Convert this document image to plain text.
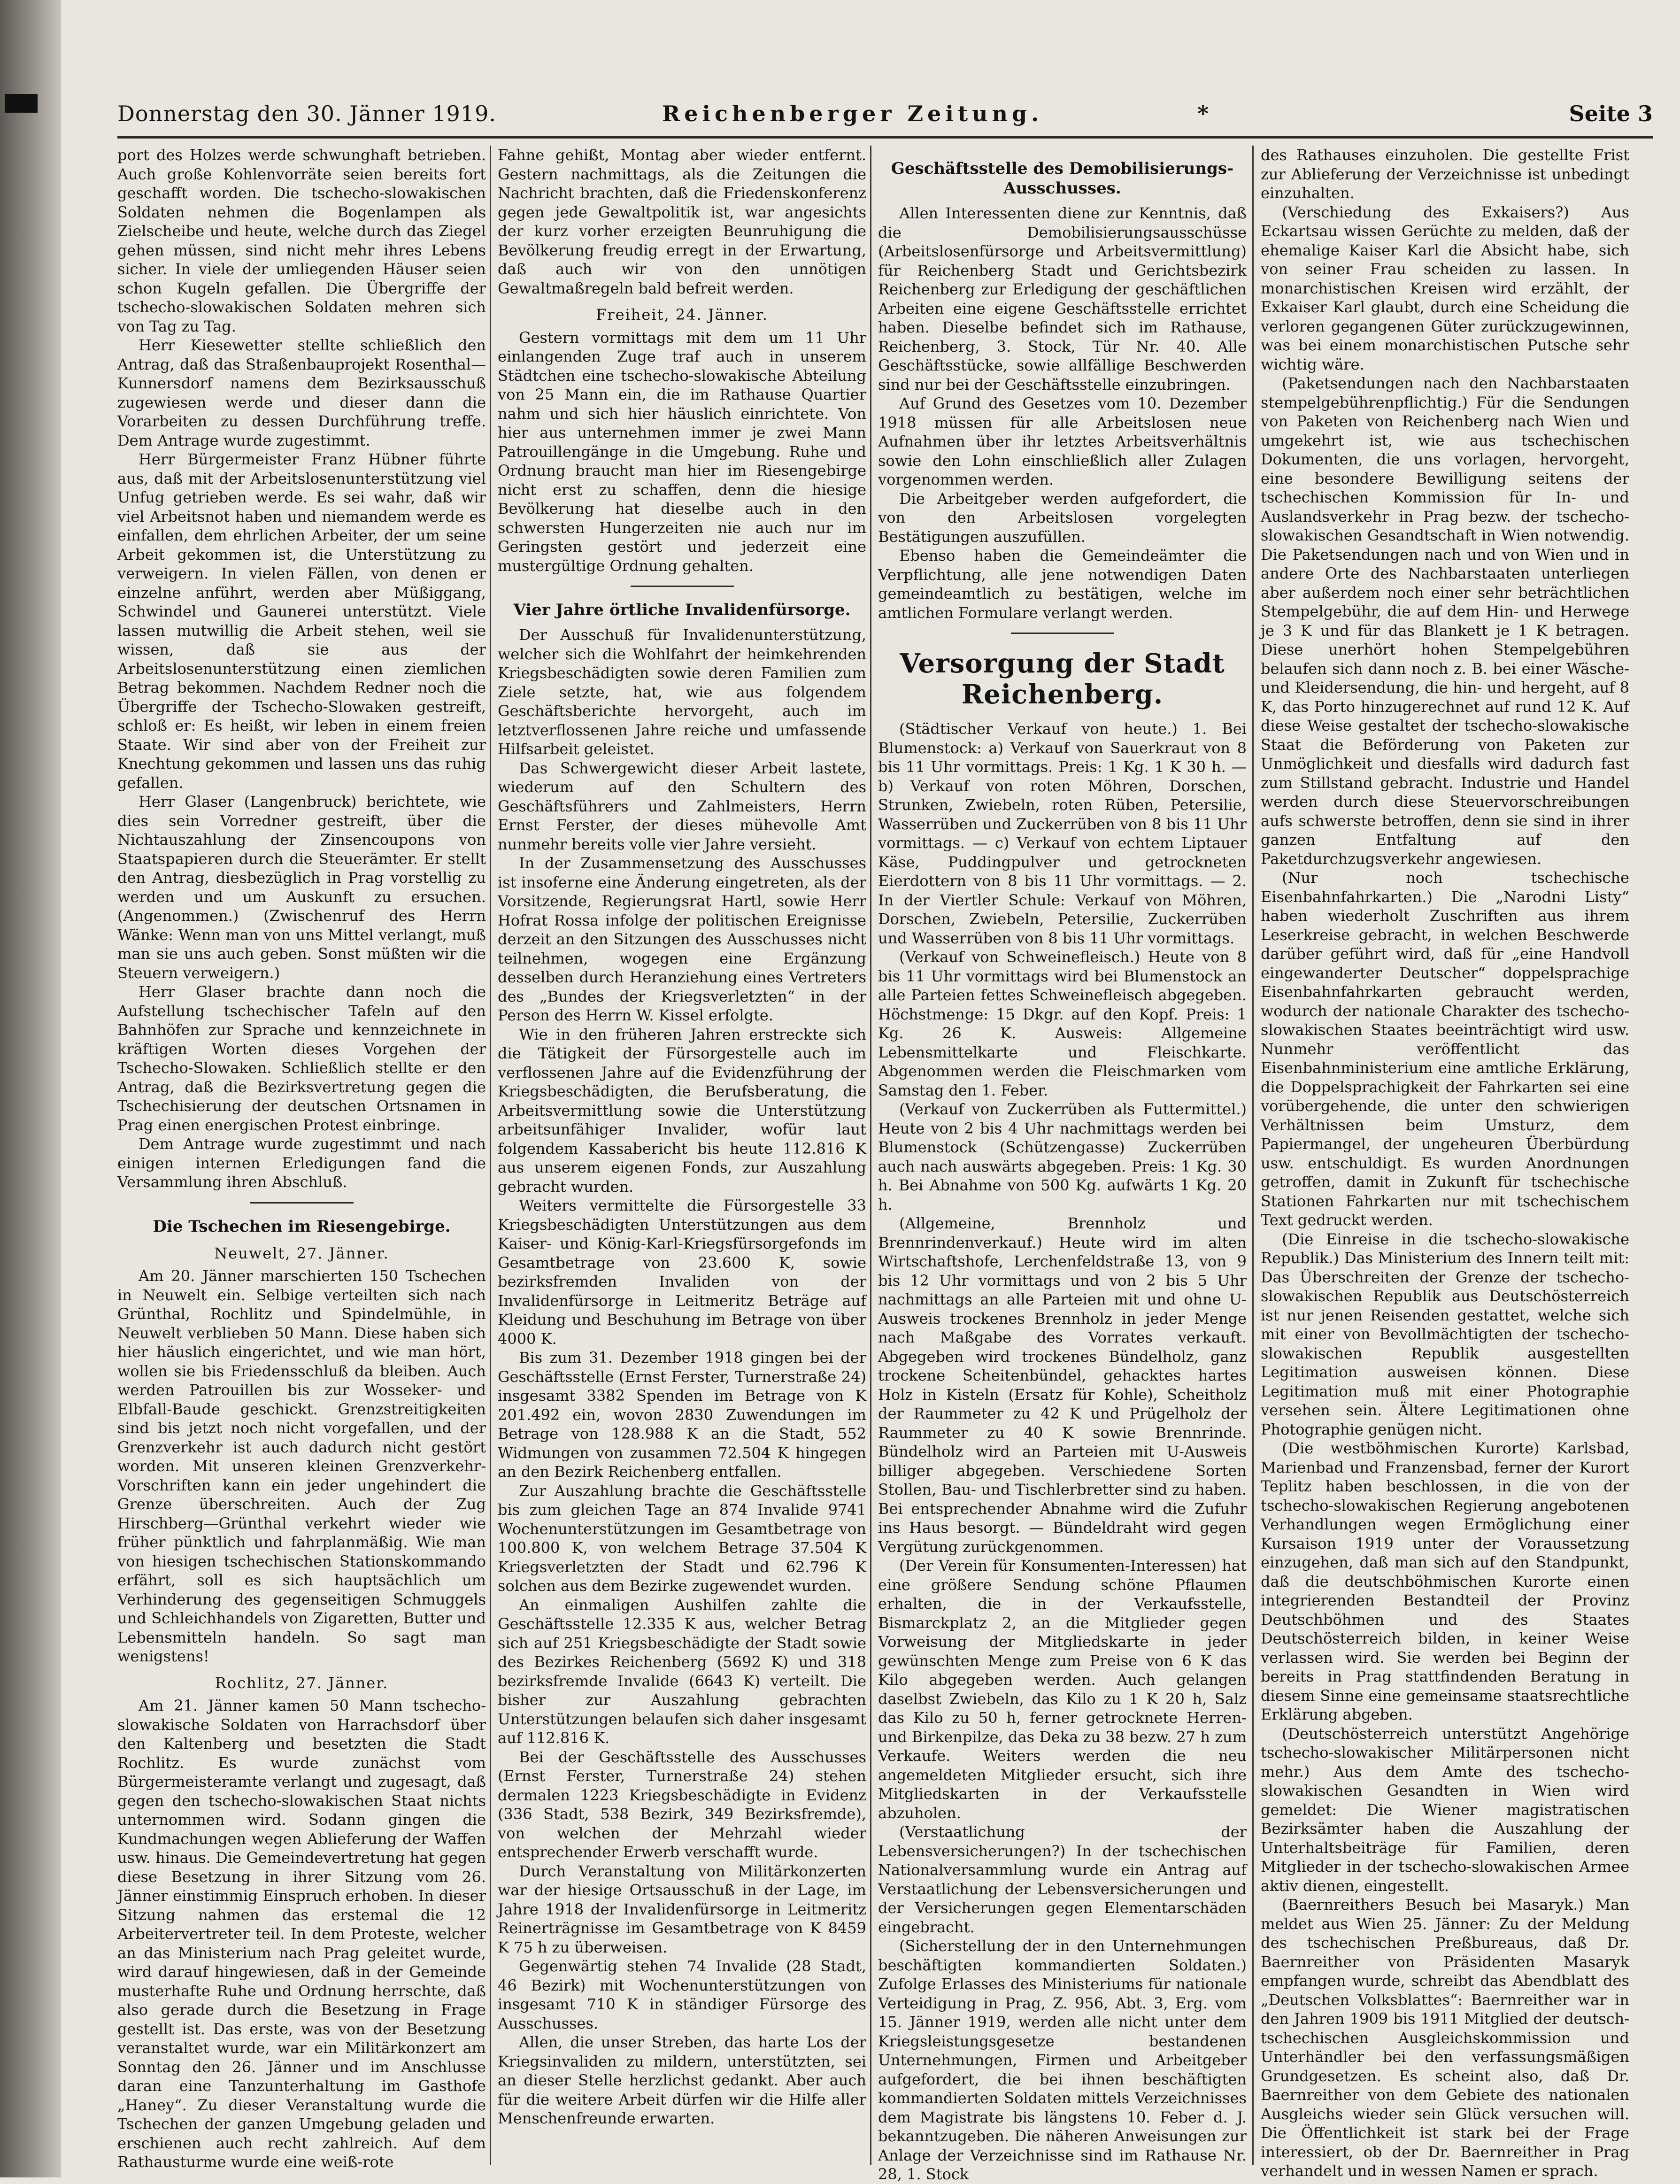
Donnerstag den 30. Jänner 1919.	Reichenberger Zeitung.	*	Seite 3

port des Holzes werde schwunghaft betrieben. Auch große Kohlenvorräte seien bereits fort geschafft worden. Die tschecho-slowakischen Soldaten nehmen die Bogenlampen als Zielscheibe und heute, welche durch das Ziegel gehen müssen, sind nicht mehr ihres Lebens sicher. In viele der umliegenden Häuser seien schon Kugeln gefallen. Die Übergriffe der tschecho-slowakischen Soldaten mehren sich von Tag zu Tag.

Herr Kiesewetter stellte schließlich den Antrag, daß das Straßenbauprojekt Rosenthal—Kunnersdorf namens dem Bezirksausschuß zugewiesen werde und dieser dann die Vorarbeiten zu dessen Durchführung treffe. Dem Antrage wurde zugestimmt.

Herr Bürgermeister Franz Hübner führte aus, daß mit der Arbeitslosenunterstützung viel Unfug getrieben werde. Es sei wahr, daß wir viel Arbeitsnot haben und niemandem werde es einfallen, dem ehrlichen Arbeiter, der um seine Arbeit gekommen ist, die Unterstützung zu verweigern. In vielen Fällen, von denen er einzelne anführt, werden aber Müßiggang, Schwindel und Gaunerei unterstützt. Viele lassen mutwillig die Arbeit stehen, weil sie wissen, daß sie aus der Arbeitslosenunterstützung einen ziemlichen Betrag bekommen. Nachdem Redner noch die Übergriffe der Tschecho-Slowaken gestreift, schloß er: Es heißt, wir leben in einem freien Staate. Wir sind aber von der Freiheit zur Knechtung gekommen und lassen uns das ruhig gefallen.

Herr Glaser (Langenbruck) berichtete, wie dies sein Vorredner gestreift, über die Nichtauszahlung der Zinsencoupons von Staatspapieren durch die Steuerämter. Er stellt den Antrag, diesbezüglich in Prag vorstellig zu werden und um Auskunft zu ersuchen. (Angenommen.) (Zwischenruf des Herrn Wänke: Wenn man von uns Mittel verlangt, muß man sie uns auch geben. Sonst müßten wir die Steuern verweigern.)

Herr Glaser brachte dann noch die Aufstellung tschechischer Tafeln auf den Bahnhöfen zur Sprache und kennzeichnete in kräftigen Worten dieses Vorgehen der Tschecho-Slowaken. Schließlich stellte er den Antrag, daß die Bezirksvertretung gegen die Tschechisierung der deutschen Ortsnamen in Prag einen energischen Protest einbringe.

Dem Antrage wurde zugestimmt und nach einigen internen Erledigungen fand die Versammlung ihren Abschluß.

Die Tschechen im Riesengebirge.

Neuwelt, 27. Jänner.

Am 20. Jänner marschierten 150 Tschechen in Neuwelt ein. Selbige verteilten sich nach Grünthal, Rochlitz und Spindelmühle, in Neuwelt verblieben 50 Mann. Diese haben sich hier häuslich eingerichtet, und wie man hört, wollen sie bis Friedensschluß da bleiben. Auch werden Patrouillen bis zur Wosseker- und Elbfall-Baude geschickt. Grenzstreitigkeiten sind bis jetzt noch nicht vorgefallen, und der Grenzverkehr ist auch dadurch nicht gestört worden. Mit unseren kleinen Grenzverkehr-Vorschriften kann ein jeder ungehindert die Grenze überschreiten. Auch der Zug Hirschberg—Grünthal verkehrt wieder wie früher pünktlich und fahrplanmäßig. Wie man von hiesigen tschechischen Stationskommando erfährt, soll es sich hauptsächlich um Verhinderung des gegenseitigen Schmuggels und Schleichhandels von Zigaretten, Butter und Lebensmitteln handeln. So sagt man wenigstens!

Rochlitz, 27. Jänner.

Am 21. Jänner kamen 50 Mann tschecho-slowakische Soldaten von Harrachsdorf über den Kaltenberg und besetzten die Stadt Rochlitz. Es wurde zunächst vom Bürgermeisteramte verlangt und zugesagt, daß gegen den tschecho-slowakischen Staat nichts unternommen wird. Sodann gingen die Kundmachungen wegen Ablieferung der Waffen usw. hinaus. Die Gemeindevertretung hat gegen diese Besetzung in ihrer Sitzung vom 26. Jänner einstimmig Einspruch erhoben. In dieser Sitzung nahmen das erstemal die 12 Arbeitervertreter teil. In dem Proteste, welcher an das Ministerium nach Prag geleitet wurde, wird darauf hingewiesen, daß in der Gemeinde musterhafte Ruhe und Ordnung herrschte, daß also gerade durch die Besetzung in Frage gestellt ist. Das erste, was von der Besetzung veranstaltet wurde, war ein Militärkonzert am Sonntag den 26. Jänner und im Anschlusse daran eine Tanzunterhaltung im Gasthofe „Haney“. Zu dieser Veranstaltung wurde die Tschechen der ganzen Umgebung geladen und erschienen auch recht zahlreich. Auf dem Rathausturme wurde eine weiß-rote

Fahne gehißt, Montag aber wieder entfernt. Gestern nachmittags, als die Zeitungen die Nachricht brachten, daß die Friedenskonferenz gegen jede Gewaltpolitik ist, war angesichts der kurz vorher erzeigten Beunruhigung die Bevölkerung freudig erregt in der Erwartung, daß auch wir von den unnötigen Gewaltmaßregeln bald befreit werden.

Freiheit, 24. Jänner.

Gestern vormittags mit dem um 11 Uhr einlangenden Zuge traf auch in unserem Städtchen eine tschecho-slowakische Abteilung von 25 Mann ein, die im Rathause Quartier nahm und sich hier häuslich einrichtete. Von hier aus unternehmen immer je zwei Mann Patrouillengänge in die Umgebung. Ruhe und Ordnung braucht man hier im Riesengebirge nicht erst zu schaffen, denn die hiesige Bevölkerung hat dieselbe auch in den schwersten Hungerzeiten nie auch nur im Geringsten gestört und jederzeit eine mustergültige Ordnung gehalten.

Vier Jahre örtliche Invalidenfürsorge.

Der Ausschuß für Invalidenunterstützung, welcher sich die Wohlfahrt der heimkehrenden Kriegsbeschädigten sowie deren Familien zum Ziele setzte, hat, wie aus folgendem Geschäftsberichte hervorgeht, auch im letztverflossenen Jahre reiche und umfassende Hilfsarbeit geleistet.

Das Schwergewicht dieser Arbeit lastete, wiederum auf den Schultern des Geschäftsführers und Zahlmeisters, Herrn Ernst Ferster, der dieses mühevolle Amt nunmehr bereits volle vier Jahre versieht.

In der Zusammensetzung des Ausschusses ist insoferne eine Änderung eingetreten, als der Vorsitzende, Regierungsrat Hartl, sowie Herr Hofrat Rossa infolge der politischen Ereignisse derzeit an den Sitzungen des Ausschusses nicht teilnehmen, wogegen eine Ergänzung desselben durch Heranziehung eines Vertreters des „Bundes der Kriegsverletzten“ in der Person des Herrn W. Kissel erfolgte.

Wie in den früheren Jahren erstreckte sich die Tätigkeit der Fürsorgestelle auch im verflossenen Jahre auf die Evidenzführung der Kriegsbeschädigten, die Berufsberatung, die Arbeitsvermittlung sowie die Unterstützung arbeitsunfähiger Invalider, wofür laut folgendem Kassabericht bis heute 112.816 K aus unserem eigenen Fonds, zur Auszahlung gebracht wurden.

Weiters vermittelte die Fürsorgestelle 33 Kriegsbeschädigten Unterstützungen aus dem Kaiser- und König-Karl-Kriegsfürsorgefonds im Gesamtbetrage von 23.600 K, sowie bezirksfremden Invaliden von der Invalidenfürsorge in Leitmeritz Beträge auf Kleidung und Beschuhung im Betrage von über 4000 K.

Bis zum 31. Dezember 1918 gingen bei der Geschäftsstelle (Ernst Ferster, Turnerstraße 24) insgesamt 3382 Spenden im Betrage von K 201.492 ein, wovon 2830 Zuwendungen im Betrage von 128.988 K an die Stadt, 552 Widmungen von zusammen 72.504 K hingegen an den Bezirk Reichenberg entfallen.

Zur Auszahlung brachte die Geschäftsstelle bis zum gleichen Tage an 874 Invalide 9741 Wochenunterstützungen im Gesamtbetrage von 100.800 K, von welchem Betrage 37.504 K Kriegsverletzten der Stadt und 62.796 K solchen aus dem Bezirke zugewendet wurden.

An einmaligen Aushilfen zahlte die Geschäftsstelle 12.335 K aus, welcher Betrag sich auf 251 Kriegsbeschädigte der Stadt sowie des Bezirkes Reichenberg (5692 K) und 318 bezirksfremde Invalide (6643 K) verteilt. Die bisher zur Auszahlung gebrachten Unterstützungen belaufen sich daher insgesamt auf 112.816 K.

Bei der Geschäftsstelle des Ausschusses (Ernst Ferster, Turnerstraße 24) stehen dermalen 1223 Kriegsbeschädigte in Evidenz (336 Stadt, 538 Bezirk, 349 Bezirksfremde), von welchen der Mehrzahl wieder entsprechender Erwerb verschafft wurde.

Durch Veranstaltung von Militärkonzerten war der hiesige Ortsausschuß in der Lage, im Jahre 1918 der Invalidenfürsorge in Leitmeritz Reinerträgnisse im Gesamtbetrage von K 8459 K 75 h zu überweisen.

Gegenwärtig stehen 74 Invalide (28 Stadt, 46 Bezirk) mit Wochenunterstützungen von insgesamt 710 K in ständiger Fürsorge des Ausschusses.

Allen, die unser Streben, das harte Los der Kriegsinvaliden zu mildern, unterstützten, sei an dieser Stelle herzlichst gedankt. Aber auch für die weitere Arbeit dürfen wir die Hilfe aller Menschenfreunde erwarten.

Geschäftsstelle des Demobilisierungs-Ausschusses.

Allen Interessenten diene zur Kenntnis, daß die Demobilisierungsausschüsse (Arbeitslosenfürsorge und Arbeitsvermittlung) für Reichenberg Stadt und Gerichtsbezirk Reichenberg zur Erledigung der geschäftlichen Arbeiten eine eigene Geschäftsstelle errichtet haben. Dieselbe befindet sich im Rathause, Reichenberg, 3. Stock, Tür Nr. 40. Alle Geschäftsstücke, sowie allfällige Beschwerden sind nur bei der Geschäftsstelle einzubringen.

Auf Grund des Gesetzes vom 10. Dezember 1918 müssen für alle Arbeitslosen neue Aufnahmen über ihr letztes Arbeitsverhältnis sowie den Lohn einschließlich aller Zulagen vorgenommen werden.

Die Arbeitgeber werden aufgefordert, die von den Arbeitslosen vorgelegten Bestätigungen auszufüllen.

Ebenso haben die Gemeindeämter die Verpflichtung, alle jene notwendigen Daten gemeindeamtlich zu bestätigen, welche im amtlichen Formulare verlangt werden.

Versorgung der Stadt Reichenberg.

(Städtischer Verkauf von heute.) 1. Bei Blumenstock: a) Verkauf von Sauerkraut von 8 bis 11 Uhr vormittags. Preis: 1 Kg. 1 K 30 h. — b) Verkauf von roten Möhren, Dorschen, Strunken, Zwiebeln, roten Rüben, Petersilie, Wasserrüben und Zuckerrüben von 8 bis 11 Uhr vormittags. — c) Verkauf von echtem Liptauer Käse, Puddingpulver und getrockneten Eierdottern von 8 bis 11 Uhr vormittags. — 2. In der Viertler Schule: Verkauf von Möhren, Dorschen, Zwiebeln, Petersilie, Zuckerrüben und Wasserrüben von 8 bis 11 Uhr vormittags.

(Verkauf von Schweinefleisch.) Heute von 8 bis 11 Uhr vormittags wird bei Blumenstock an alle Parteien fettes Schweinefleisch abgegeben. Höchstmenge: 15 Dkgr. auf den Kopf. Preis: 1 Kg. 26 K. Ausweis: Allgemeine Lebensmittelkarte und Fleischkarte. Abgenommen werden die Fleischmarken vom Samstag den 1. Feber.

(Verkauf von Zuckerrüben als Futtermittel.) Heute von 2 bis 4 Uhr nachmittags werden bei Blumenstock (Schützengasse) Zuckerrüben auch nach auswärts abgegeben. Preis: 1 Kg. 30 h. Bei Abnahme von 500 Kg. aufwärts 1 Kg. 20 h.

(Allgemeine, Brennholz und Brennrindenverkauf.) Heute wird im alten Wirtschaftshofe, Lerchenfeldstraße 13, von 9 bis 12 Uhr vormittags und von 2 bis 5 Uhr nachmittags an alle Parteien mit und ohne U-Ausweis trockenes Brennholz in jeder Menge nach Maßgabe des Vorrates verkauft. Abgegeben wird trockenes Bündelholz, ganz trockene Scheitenbündel, gehacktes hartes Holz in Kisteln (Ersatz für Kohle), Scheitholz der Raummeter zu 42 K und Prügelholz der Raummeter zu 40 K sowie Brennrinde. Bündelholz wird an Parteien mit U-Ausweis billiger abgegeben. Verschiedene Sorten Stollen, Bau- und Tischlerbretter sind zu haben. Bei entsprechender Abnahme wird die Zufuhr ins Haus besorgt. — Bündeldraht wird gegen Vergütung zurückgenommen.

(Der Verein für Konsumenten-Interessen) hat eine größere Sendung schöne Pflaumen erhalten, die in der Verkaufsstelle, Bismarckplatz 2, an die Mitglieder gegen Vorweisung der Mitgliedskarte in jeder gewünschten Menge zum Preise von 6 K das Kilo abgegeben werden. Auch gelangen daselbst Zwiebeln, das Kilo zu 1 K 20 h, Salz das Kilo zu 50 h, ferner getrocknete Herren- und Birkenpilze, das Deka zu 38 bezw. 27 h zum Verkaufe. Weiters werden die neu angemeldeten Mitglieder ersucht, sich ihre Mitgliedskarten in der Verkaufsstelle abzuholen.

(Verstaatlichung der Lebensversicherungen?) In der tschechischen Nationalversammlung wurde ein Antrag auf Verstaatlichung der Lebensversicherungen und der Versicherungen gegen Elementarschäden eingebracht.

(Sicherstellung der in den Unternehmungen beschäftigten kommandierten Soldaten.) Zufolge Erlasses des Ministeriums für nationale Verteidigung in Prag, Z. 956, Abt. 3, Erg. vom 15. Jänner 1919, werden alle nicht unter dem Kriegsleistungsgesetze bestandenen Unternehmungen, Firmen und Arbeitgeber aufgefordert, die bei ihnen beschäftigten kommandierten Soldaten mittels Verzeichnisses dem Magistrate bis längstens 10. Feber d. J. bekanntzugeben. Die näheren Anweisungen zur Anlage der Verzeichnisse sind im Rathause Nr. 28, 1. Stock

des Rathauses einzuholen. Die gestellte Frist zur Ablieferung der Verzeichnisse ist unbedingt einzuhalten.

(Verschiedung des Exkaisers?) Aus Eckartsau wissen Gerüchte zu melden, daß der ehemalige Kaiser Karl die Absicht habe, sich von seiner Frau scheiden zu lassen. In monarchistischen Kreisen wird erzählt, der Exkaiser Karl glaubt, durch eine Scheidung die verloren gegangenen Güter zurückzugewinnen, was bei einem monarchistischen Putsche sehr wichtig wäre.

(Paketsendungen nach den Nachbarstaaten stempelgebührenpflichtig.) Für die Sendungen von Paketen von Reichenberg nach Wien und umgekehrt ist, wie aus tschechischen Dokumenten, die uns vorlagen, hervorgeht, eine besondere Bewilligung seitens der tschechischen Kommission für In- und Auslandsverkehr in Prag bezw. der tschecho-slowakischen Gesandtschaft in Wien notwendig. Die Paketsendungen nach und von Wien und in andere Orte des Nachbarstaaten unterliegen aber außerdem noch einer sehr beträchtlichen Stempelgebühr, die auf dem Hin- und Herwege je 3 K und für das Blankett je 1 K betragen. Diese unerhört hohen Stempelgebühren belaufen sich dann noch z. B. bei einer Wäsche- und Kleidersendung, die hin- und hergeht, auf 8 K, das Porto hinzugerechnet auf rund 12 K. Auf diese Weise gestaltet der tschecho-slowakische Staat die Beförderung von Paketen zur Unmöglichkeit und diesfalls wird dadurch fast zum Stillstand gebracht. Industrie und Handel werden durch diese Steuervorschreibungen aufs schwerste betroffen, denn sie sind in ihrer ganzen Entfaltung auf den Paketdurchzugsverkehr angewiesen.

(Nur noch tschechische Eisenbahnfahrkarten.) Die „Narodni Listy“ haben wiederholt Zuschriften aus ihrem Leserkreise gebracht, in welchen Beschwerde darüber geführt wird, daß für „eine Handvoll eingewanderter Deutscher“ doppelsprachige Eisenbahnfahrkarten gebraucht werden, wodurch der nationale Charakter des tschecho-slowakischen Staates beeinträchtigt wird usw. Nunmehr veröffentlicht das Eisenbahnministerium eine amtliche Erklärung, die Doppelsprachigkeit der Fahrkarten sei eine vorübergehende, die unter den schwierigen Verhältnissen beim Umsturz, dem Papiermangel, der ungeheuren Überbürdung usw. entschuldigt. Es wurden Anordnungen getroffen, damit in Zukunft für tschechische Stationen Fahrkarten nur mit tschechischem Text gedruckt werden.

(Die Einreise in die tschecho-slowakische Republik.) Das Ministerium des Innern teilt mit: Das Überschreiten der Grenze der tschecho-slowakischen Republik aus Deutschösterreich ist nur jenen Reisenden gestattet, welche sich mit einer von Bevollmächtigten der tschecho-slowakischen Republik ausgestellten Legitimation ausweisen können. Diese Legitimation muß mit einer Photographie versehen sein. Ältere Legitimationen ohne Photographie genügen nicht.

(Die westböhmischen Kurorte) Karlsbad, Marienbad und Franzensbad, ferner der Kurort Teplitz haben beschlossen, in die von der tschecho-slowakischen Regierung angebotenen Verhandlungen wegen Ermöglichung einer Kursaison 1919 unter der Voraussetzung einzugehen, daß man sich auf den Standpunkt, daß die deutschböhmischen Kurorte einen integrierenden Bestandteil der Provinz Deutschböhmen und des Staates Deutschösterreich bilden, in keiner Weise verlassen wird. Sie werden bei Beginn der bereits in Prag stattfindenden Beratung in diesem Sinne eine gemeinsame staatsrechtliche Erklärung abgeben.

(Deutschösterreich unterstützt Angehörige tschecho-slowakischer Militärpersonen nicht mehr.) Aus dem Amte des tschecho-slowakischen Gesandten in Wien wird gemeldet: Die Wiener magistratischen Bezirksämter haben die Auszahlung der Unterhaltsbeiträge für Familien, deren Mitglieder in der tschecho-slowakischen Armee aktiv dienen, eingestellt.

(Baernreithers Besuch bei Masaryk.) Man meldet aus Wien 25. Jänner: Zu der Meldung des tschechischen Preßbureaus, daß Dr. Baernreither von Präsidenten Masaryk empfangen wurde, schreibt das Abendblatt des „Deutschen Volksblattes“: Baernreither war in den Jahren 1909 bis 1911 Mitglied der deutsch-tschechischen Ausgleichskommission und Unterhändler bei den verfassungsmäßigen Grundgesetzen. Es scheint also, daß Dr. Baernreither von dem Gebiete des nationalen Ausgleichs wieder sein Glück versuchen will. Die Öffentlichkeit ist stark bei der Frage interessiert, ob der Dr. Baernreither in Prag verhandelt und in wessen Namen er sprach.
